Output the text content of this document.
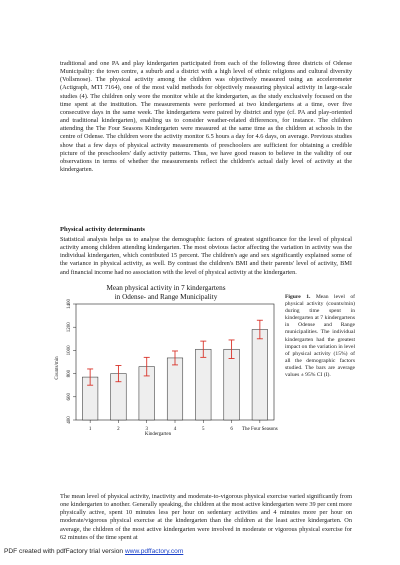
traditional and one PA and play kindergarten participated from each of the following three districts of Odense Municipality: the town centre, a suburb and a district with a high level of ethnic religions and cultural diversity (Vollsmose). The physical activity among the children was objectively measured using an accelerometer (Actigraph, MTI 7164), one of the most valid methods for objectively measuring physical activity in large-scale studies (4). The children only wore the monitor while at the kindergarten, as the study exclusively focused on the time spent at the institution. The measurements were performed at two kindergartens at a time, over five consecutive days in the same week. The kindergartens were paired by district and type (cf. PA and play-oriented and traditional kindergarten), enabling us to consider weather-related differences, for instance. The children attending the The Four Seasons Kindergarten were measured at the same time as the children at schools in the centre of Odense. The children wore the activity monitor 6.5 hours a day for 4.6 days, on average. Previous studies show that a few days of physical activity measurements of preschoolers are sufficient for obtaining a credible picture of the preschoolers' daily activity patterns. Thus, we have good reason to believe in the validity of our observations in terms of whether the measurements reflect the children's actual daily level of activity at the kindergarten.

Physical activity determinants

Statistical analysis helps us to analyse the demographic factors of greatest significance for the level of physical activity among children attending kindergarten. The most obvious factor affecting the variation in activity was the individual kindergarten, which contributed 15 percent. The children's age and sex significantly explained some of the variance in physical activity, as well. By contrast the children's BMI and their parents' level of activity, BMI and financial income had no association with the level of physical activity at the kindergarten.

Mean physical activity in 7 kindergartens
in Odense- and Range Municipality
Counts/min
Kindergarten
400
600
800
1000
1200
1400
1	2	3	4	5	6 The Four Seasons

Figure 1. Mean level of physical activity (counts/min) during time spent in kindergarten at 7 kindergartens in Odense and Range municipalities. The individual kindergarten had the greatest impact on the variation in level of physical activity (15%) of all the demographic factors studied. The bars are average values ± 95% CI (I).

The mean level of physical activity, inactivity and moderate-to-vigorous physical exercise varied significantly from one kindergarten to another. Generally speaking, the children at the most active kindergarten were 39 per cent more physically active, spent 10 minutes less per hour on sedentary activities and 4 minutes more per hour on moderate/vigorous physical exercise at the kindergarten than the children at the least active kindergarten. On average, the children of the most active kindergarten were involved in moderate or vigorous physical exercise for 62 minutes of the time spent at

PDF created with pdfFactory trial version www.pdffactory.com
